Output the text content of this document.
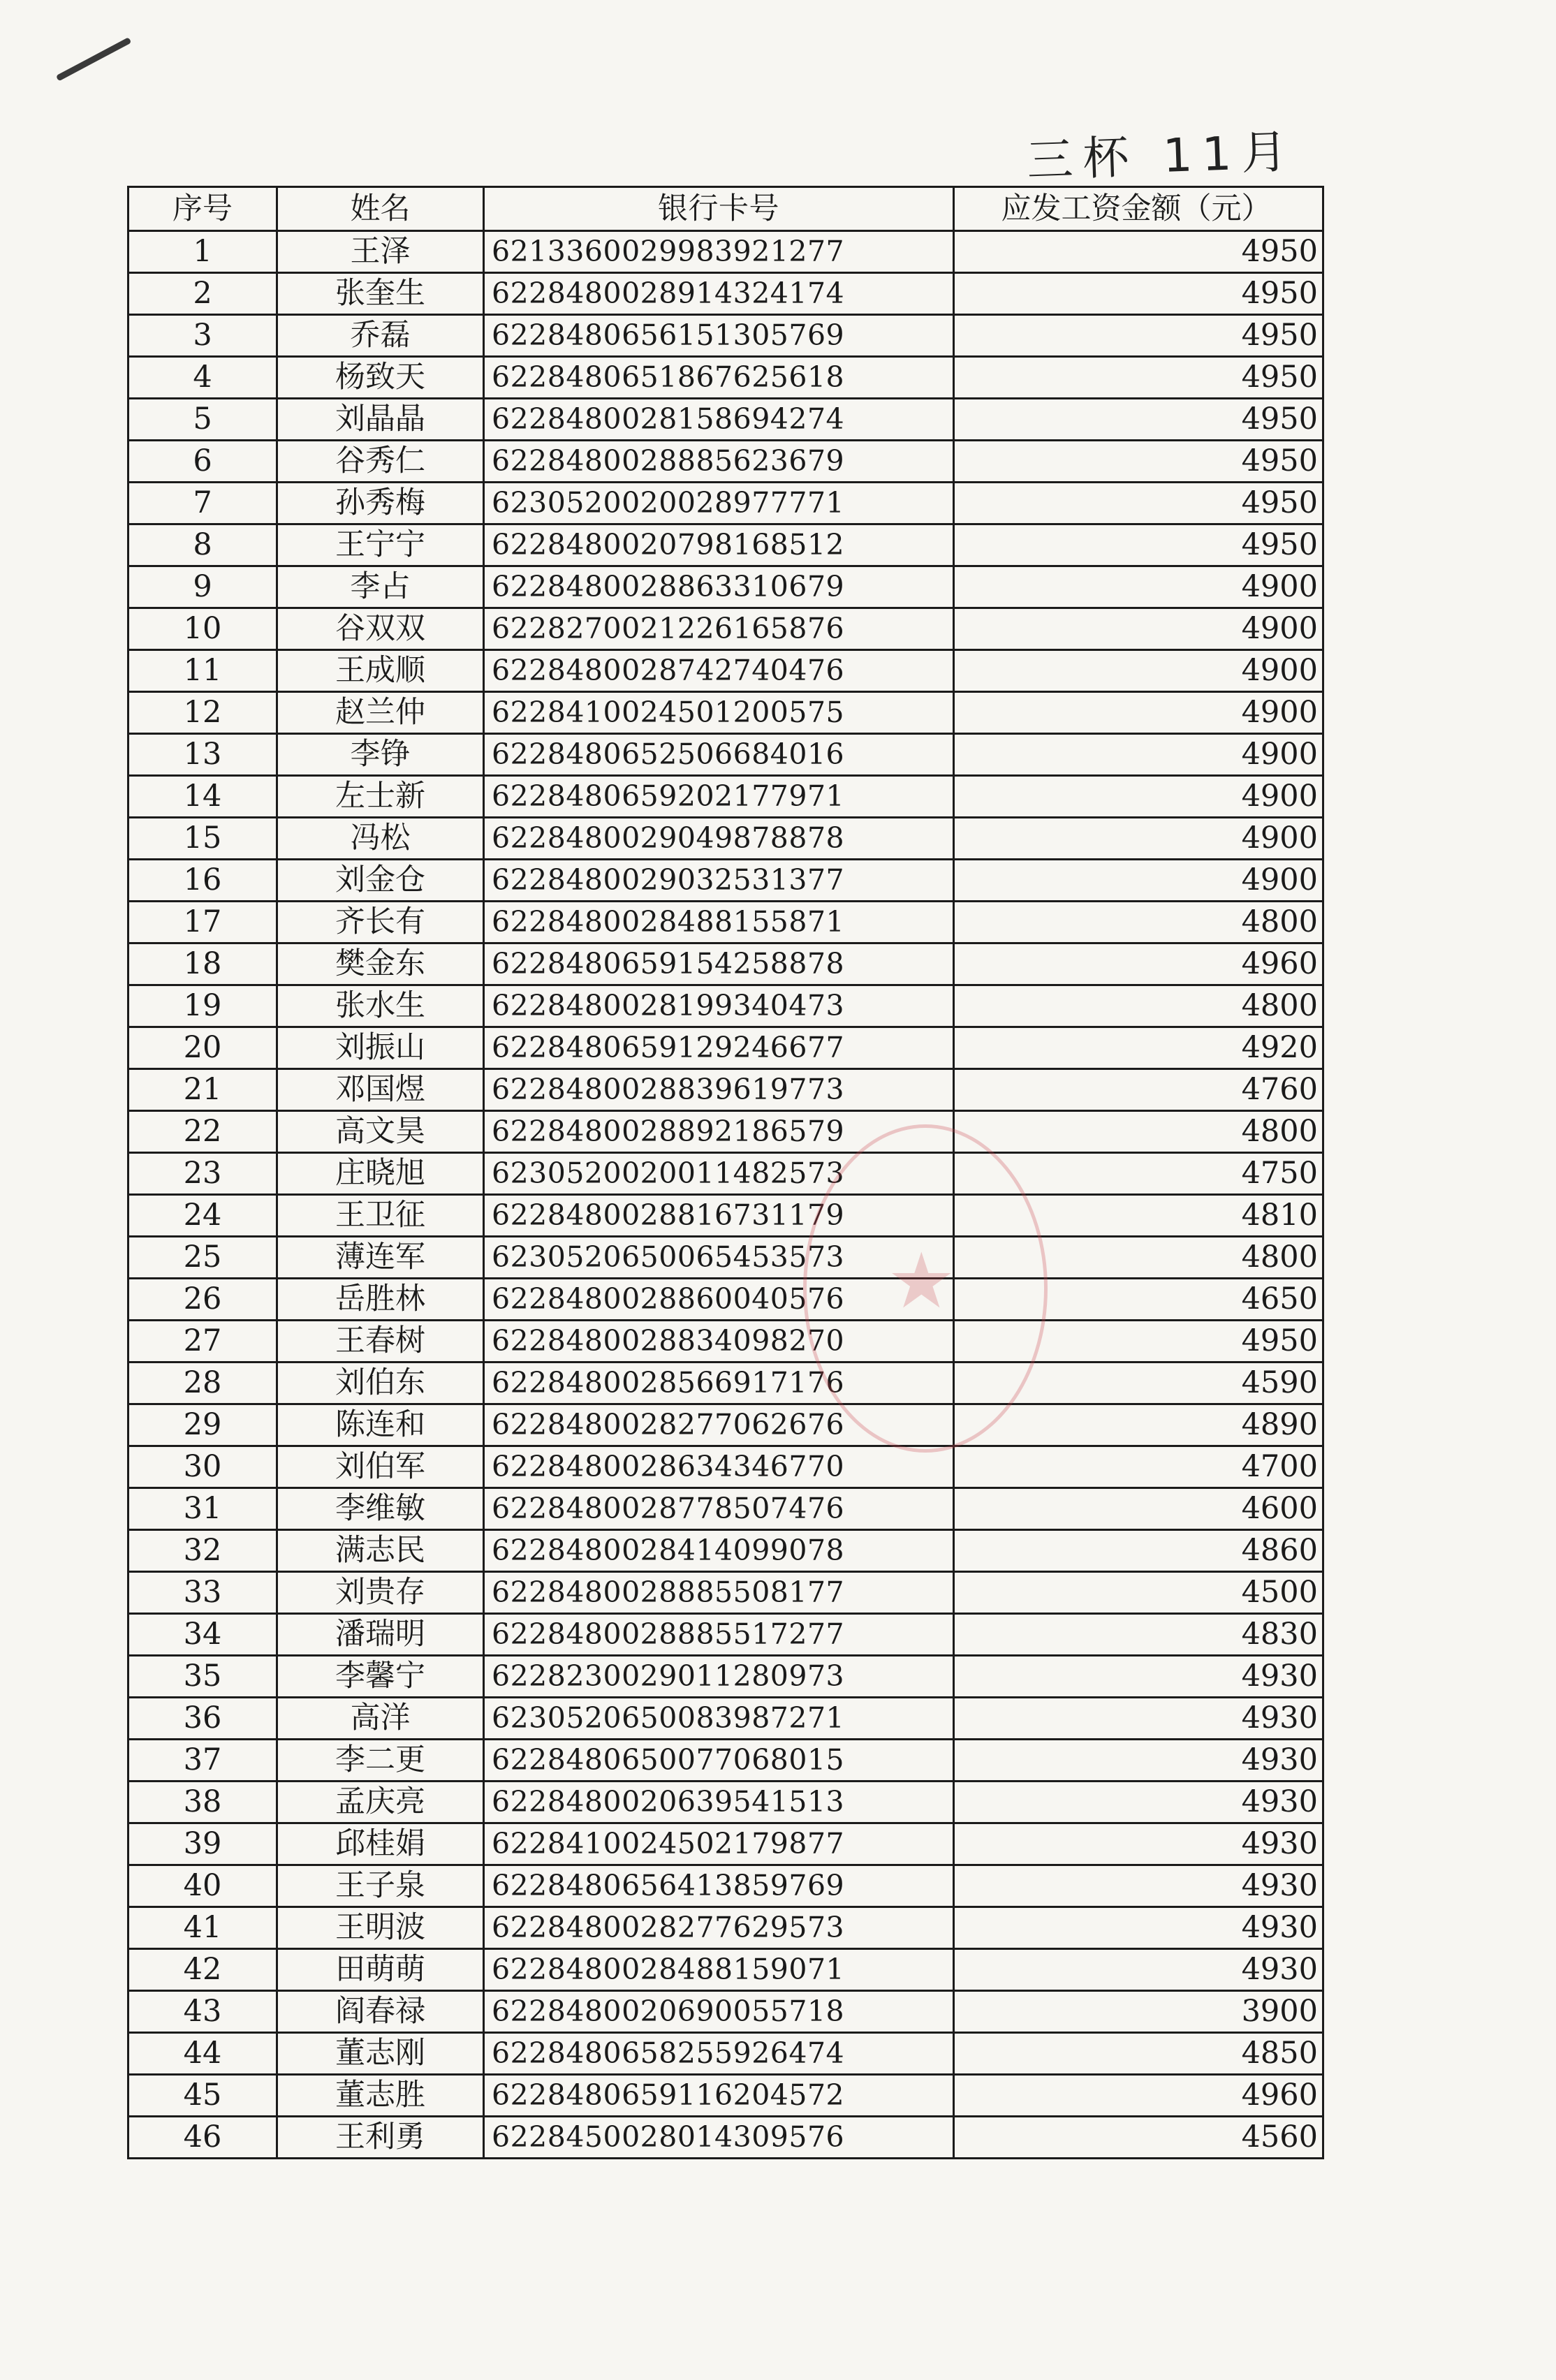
三杯 11月
序号	姓名	银行卡号	应发工资金额（元）
1	王泽	6213360029983921277	4950
2	张奎生	6228480028914324174	4950
3	乔磊	6228480656151305769	4950
4	杨致天	6228480651867625618	4950
5	刘晶晶	6228480028158694274	4950
6	谷秀仁	6228480028885623679	4950
7	孙秀梅	6230520020028977771	4950
8	王宁宁	6228480020798168512	4950
9	李占	6228480028863310679	4900
10	谷双双	6228270021226165876	4900
11	王成顺	6228480028742740476	4900
12	赵兰仲	6228410024501200575	4900
13	李铮	6228480652506684016	4900
14	左士新	6228480659202177971	4900
15	冯松	6228480029049878878	4900
16	刘金仓	6228480029032531377	4900
17	齐长有	6228480028488155871	4800
18	樊金东	6228480659154258878	4960
19	张水生	6228480028199340473	4800
20	刘振山	6228480659129246677	4920
21	邓国煜	6228480028839619773	4760
22	高文昊	6228480028892186579	4800
23	庄晓旭	6230520020011482573	4750
24	王卫征	6228480028816731179	4810
25	薄连军	6230520650065453573	4800
26	岳胜林	6228480028860040576	4650
27	王春树	6228480028834098270	4950
28	刘伯东	6228480028566917176	4590
29	陈连和	6228480028277062676	4890
30	刘伯军	6228480028634346770	4700
31	李维敏	6228480028778507476	4600
32	满志民	6228480028414099078	4860
33	刘贵存	6228480028885508177	4500
34	潘瑞明	6228480028885517277	4830
35	李馨宁	6228230029011280973	4930
36	高洋	6230520650083987271	4930
37	李二更	6228480650077068015	4930
38	孟庆亮	6228480020639541513	4930
39	邱桂娟	6228410024502179877	4930
40	王子泉	6228480656413859769	4930
41	王明波	6228480028277629573	4930
42	田萌萌	6228480028488159071	4930
43	阎春禄	6228480020690055718	3900
44	董志刚	6228480658255926474	4850
45	董志胜	6228480659116204572	4960
46	王利勇	6228450028014309576	4560
★
